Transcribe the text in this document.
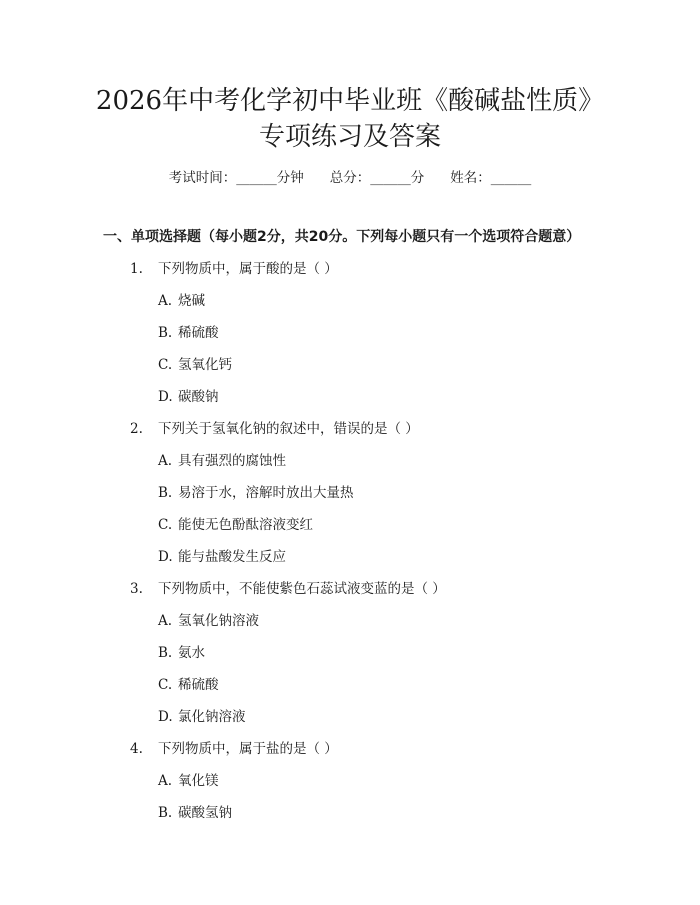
2026年中考化学初中毕业班《酸碱盐性质》
专项练习及答案
考试时间：______分钟 总分：______分 姓名：______
一、单项选择题（每小题2分，共20分。下列每小题只有一个选项符合题意）
1. 下列物质中，属于酸的是（ ）
A. 烧碱
B. 稀硫酸
C. 氢氧化钙
D. 碳酸钠
2. 下列关于氢氧化钠的叙述中，错误的是（ ）
A. 具有强烈的腐蚀性
B. 易溶于水，溶解时放出大量热
C. 能使无色酚酞溶液变红
D. 能与盐酸发生反应
3. 下列物质中，不能使紫色石蕊试液变蓝的是（ ）
A. 氢氧化钠溶液
B. 氨水
C. 稀硫酸
D. 氯化钠溶液
4. 下列物质中，属于盐的是（ ）
A. 氧化镁
B. 碳酸氢钠
